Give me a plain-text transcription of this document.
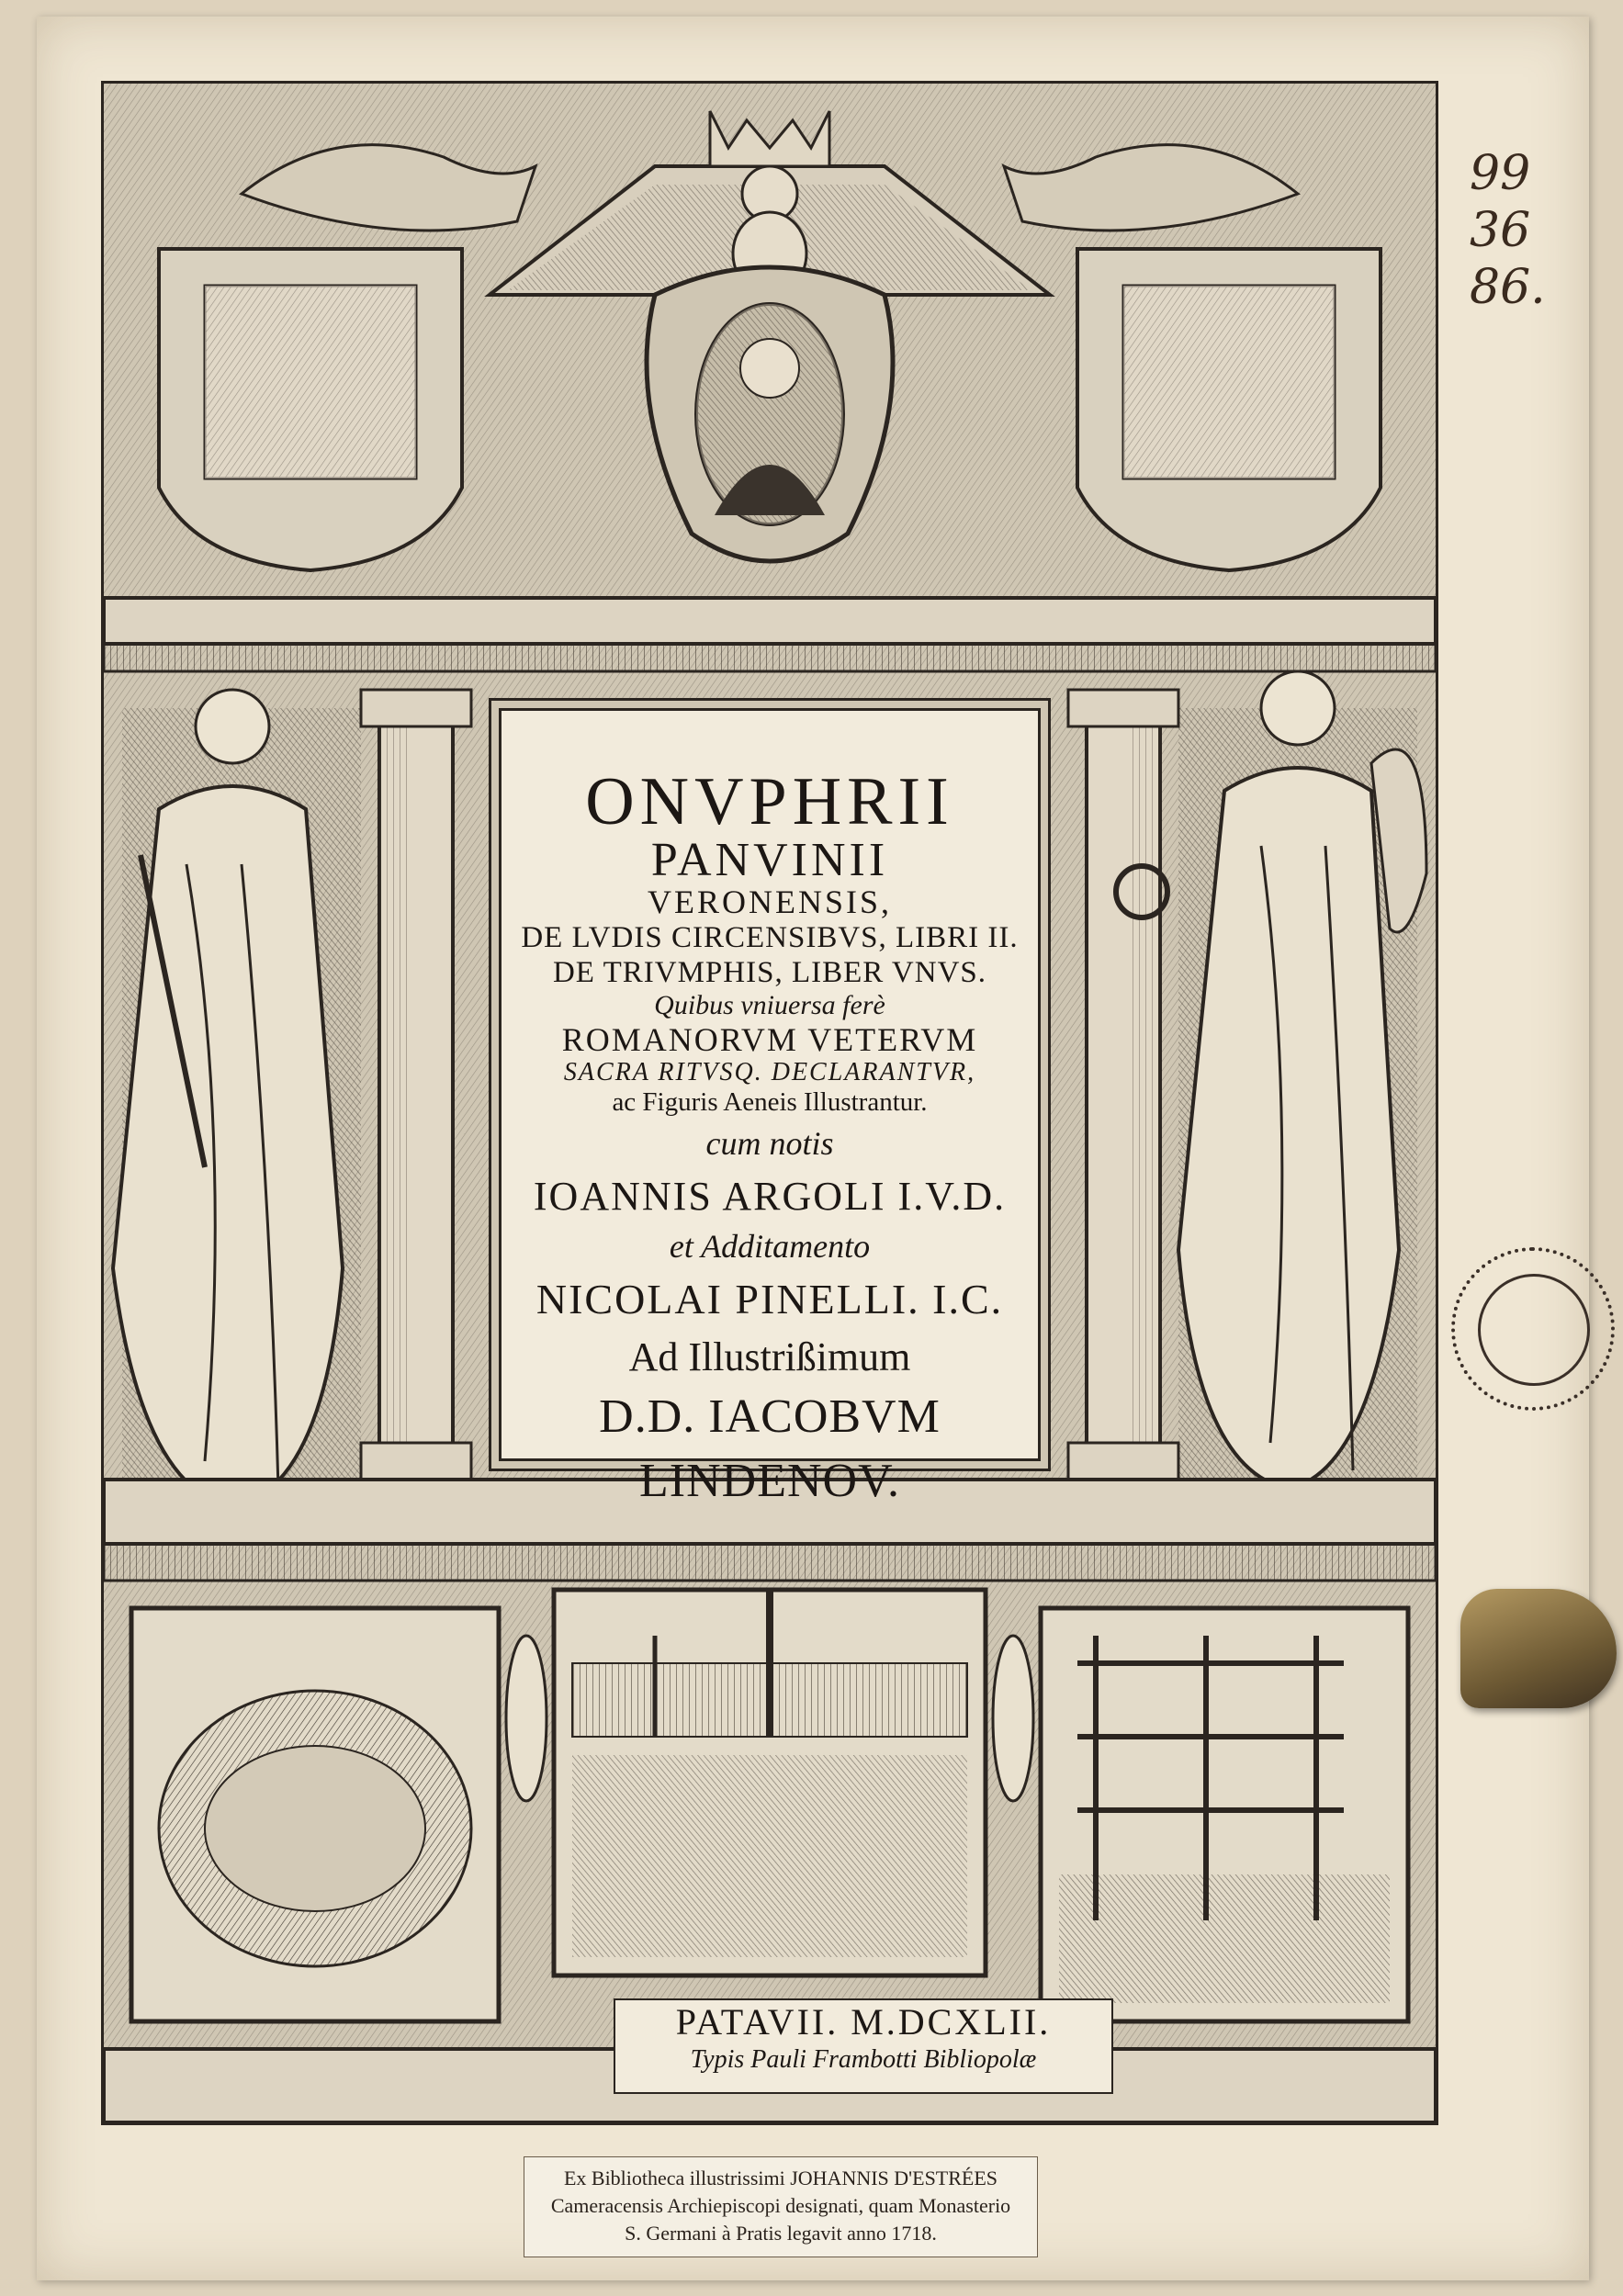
99
36
86.
ONVPHRII
PANVINII
VERONENSIS,
DE LVDIS CIRCENSIBVS, LIBRI II.
DE TRIVMPHIS, LIBER VNVS.
Quibus vniuersa ferè
ROMANORVM VETERVM
SACRA RITVSQ. DECLARANTVR,
ac Figuris Aeneis Illustrantur.
cum notis
IOANNIS ARGOLI I.V.D.
et Additamento
NICOLAI PINELLI. I.C.
Ad Illustrißimum
D.D. IACOBVM LINDENOV.
PATAVII. M.DCXLII.
Typis Pauli Frambotti Bibliopolæ
Ex Bibliotheca illustrissimi JOHANNIS D'ESTRÉES
Cameracensis Archiepiscopi designati, quam Monasterio
S. Germani à Pratis legavit anno 1718.
